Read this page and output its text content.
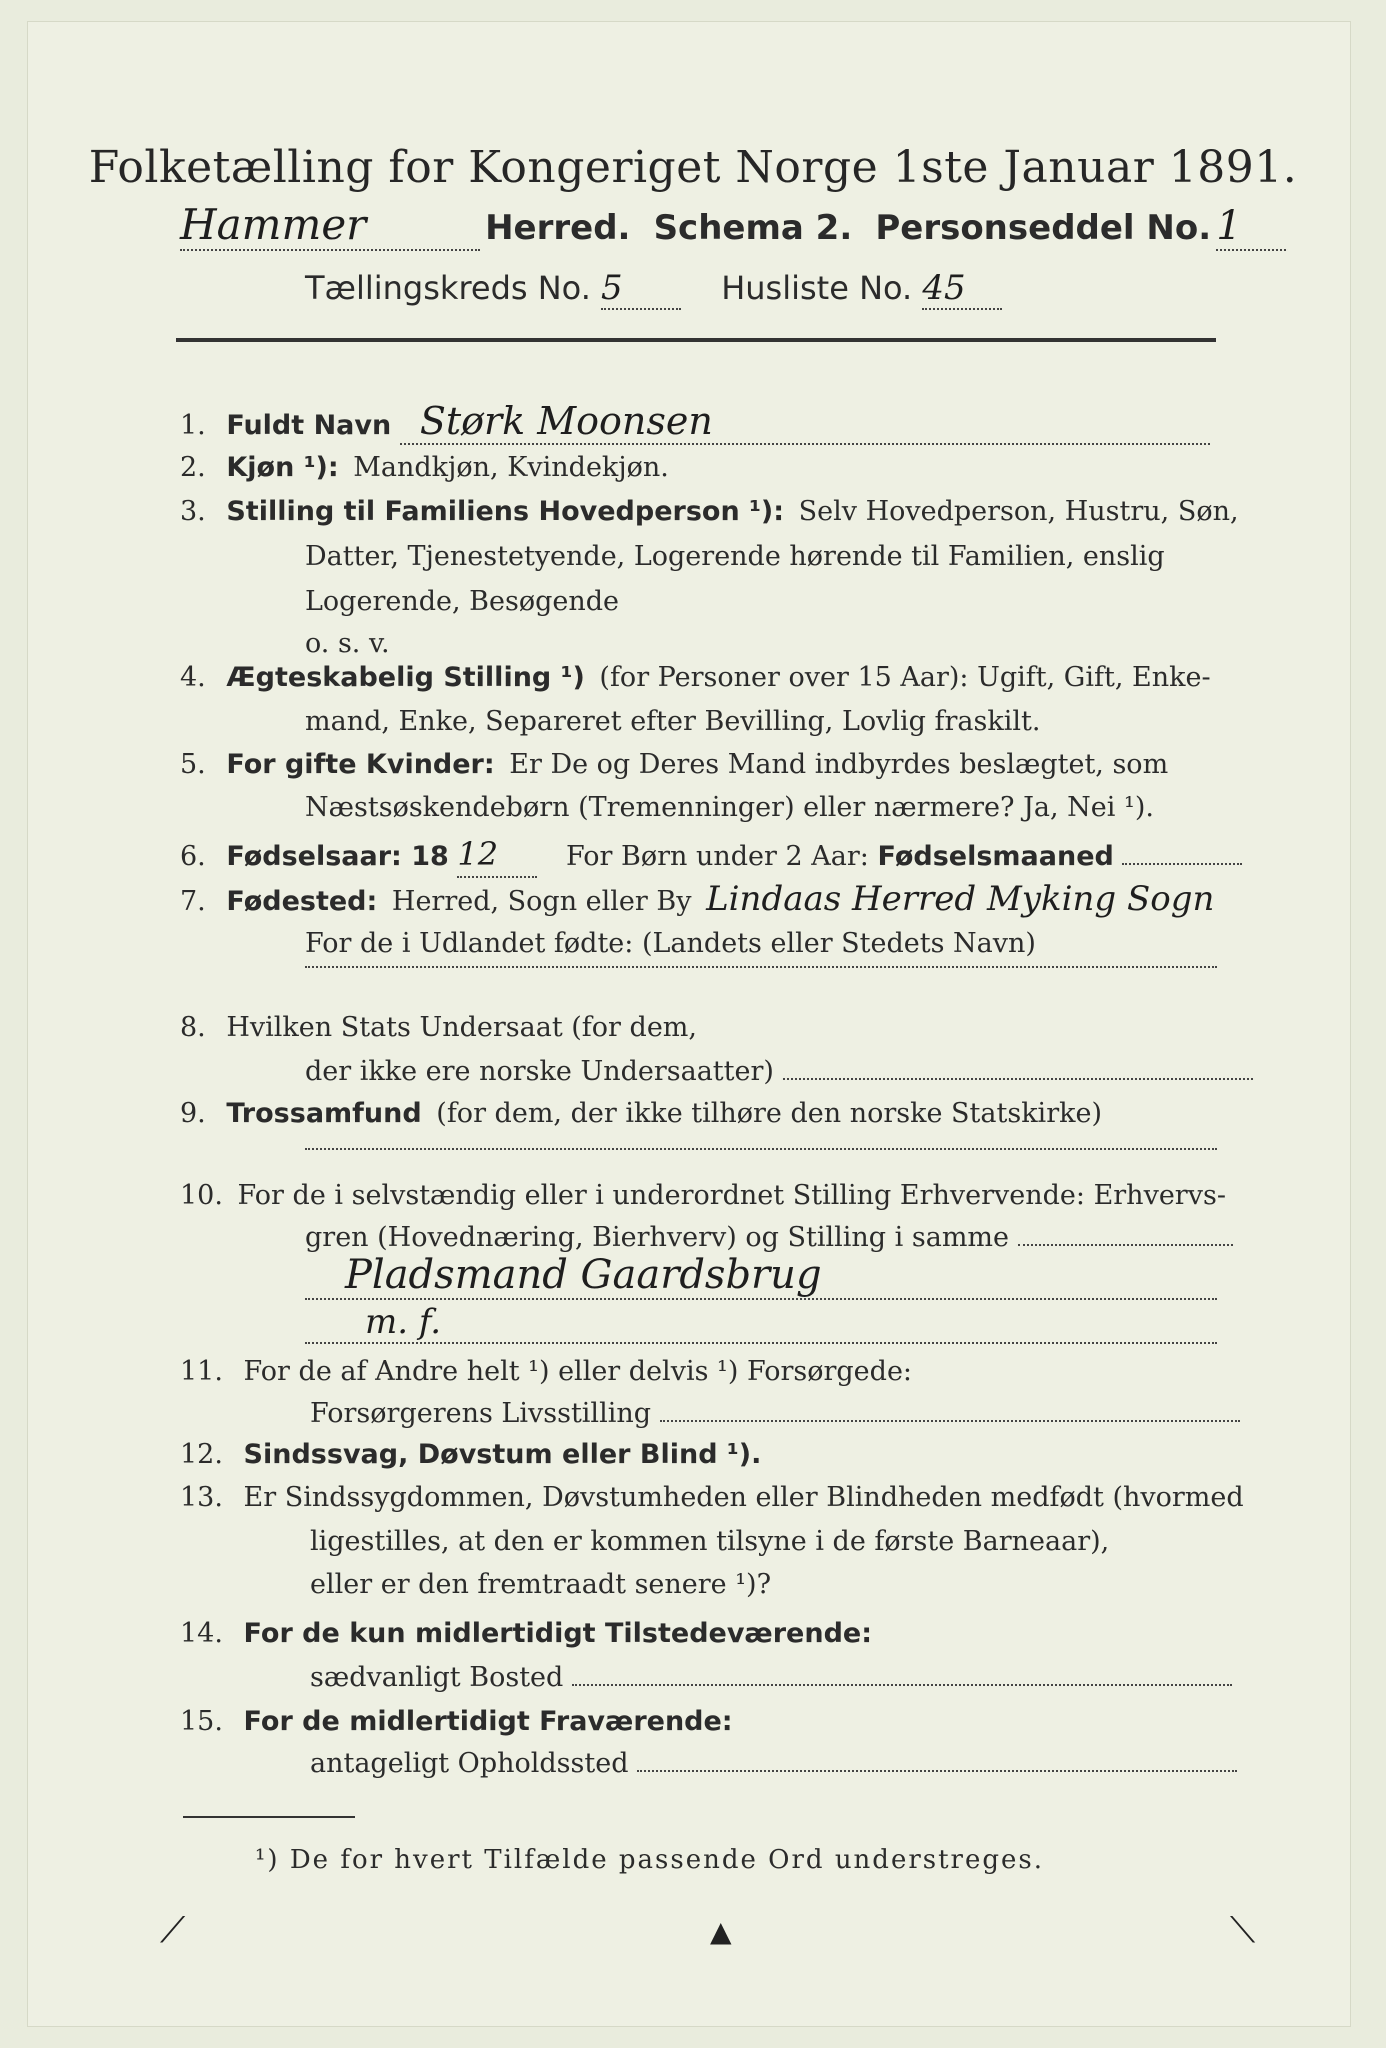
Folketælling for Kongeriget Norge 1ste Januar 1891.
Hammer	Herred. Schema 2. Personseddel No. 1
Tællingskreds No. 5	Husliste No. 45
1. Fuldt Navn Størk Moonsen
2. Kjøn ¹): Mandkjøn, Kvindekjøn.
3. Stilling til Familiens Hovedperson ¹): Selv Hovedperson, Hustru, Søn,
Datter, Tjenestetyende, Logerende hørende til Familien, enslig
Logerende, Besøgende
o. s. v.
4. Ægteskabelig Stilling ¹) (for Personer over 15 Aar): Ugift, Gift, Enke-
mand, Enke, Separeret efter Bevilling, Lovlig fraskilt.
5. For gifte Kvinder: Er De og Deres Mand indbyrdes beslægtet, som
Næstsøskendebørn (Tremenninger) eller nærmere? Ja, Nei ¹).
6. Fødselsaar: 18 12	For Børn under 2 Aar: Fødselsmaaned
7. Fødested: Herred, Sogn eller By Lindaas Herred Myking Sogn
For de i Udlandet fødte: (Landets eller Stedets Navn)
8. Hvilken Stats Undersaat (for dem,
der ikke ere norske Undersaatter)
9. Trossamfund (for dem, der ikke tilhøre den norske Statskirke)
10. For de i selvstændig eller i underordnet Stilling Erhvervende: Erhvervs-
gren (Hovednæring, Bierhverv) og Stilling i samme
Pladsmand Gaardsbrug
m. f.
11. For de af Andre helt ¹) eller delvis ¹) Forsørgede:
Forsørgerens Livsstilling
12. Sindssvag, Døvstum eller Blind ¹).
13. Er Sindssygdommen, Døvstumheden eller Blindheden medfødt (hvormed
ligestilles, at den er kommen tilsyne i de første Barneaar),
eller er den fremtraadt senere ¹)?
14. For de kun midlertidigt Tilstedeværende:
sædvanligt Bosted
15. For de midlertidigt Fraværende:
antageligt Opholdssted
¹) De for hvert Tilfælde passende Ord understreges.
⟋	▲	⟍
